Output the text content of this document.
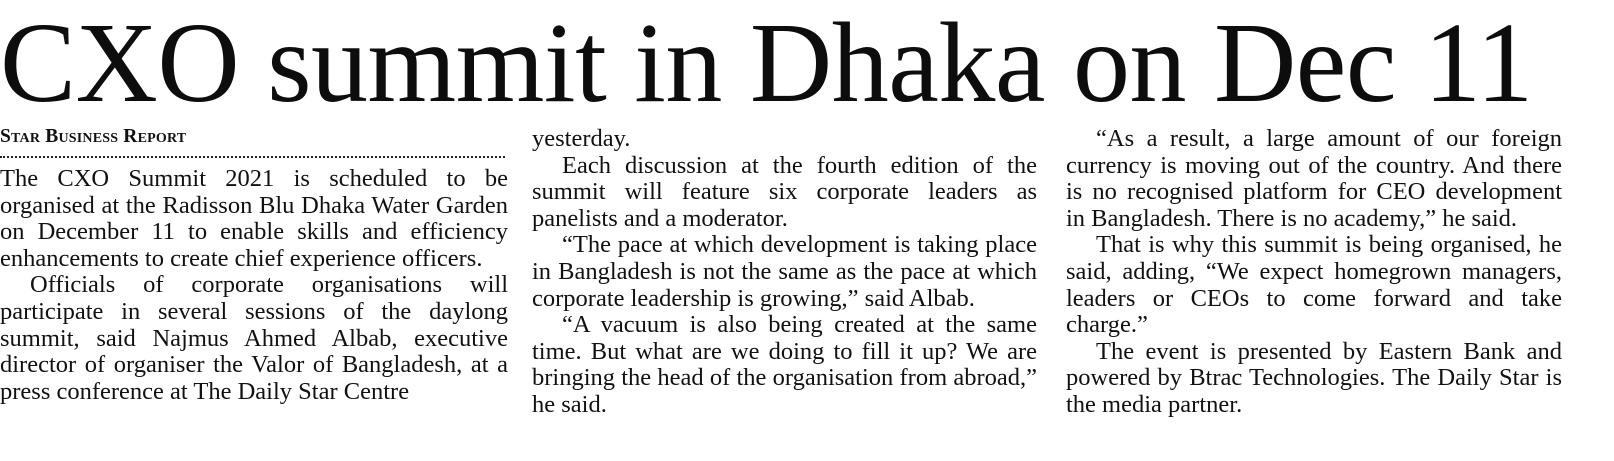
CXO summit in Dhaka on Dec 11
Star Business Report

The CXO Summit 2021 is scheduled to be organised at the Radisson Blu Dhaka Water Garden on December 11 to enable skills and efficiency enhancements to create chief experience officers.

Officials of corporate organisations will participate in several sessions of the daylong summit, said Najmus Ahmed Albab, executive director of organiser the Valor of Bangladesh, at a press conference at The Daily Star Centre

yesterday.

Each discussion at the fourth edition of the summit will feature six corporate leaders as panelists and a moderator.

“The pace at which development is taking place in Bangladesh is not the same as the pace at which corporate leadership is growing,” said Albab.

“A vacuum is also being created at the same time. But what are we doing to fill it up? We are bringing the head of the organisation from abroad,” he said.

“As a result, a large amount of our foreign currency is moving out of the country. And there is no recognised platform for CEO development in Bangladesh. There is no academy,” he said.

That is why this summit is being organised, he said, adding, “We expect homegrown managers, leaders or CEOs to come forward and take charge.”

The event is presented by Eastern Bank and powered by Btrac Technologies. The Daily Star is the media partner.
